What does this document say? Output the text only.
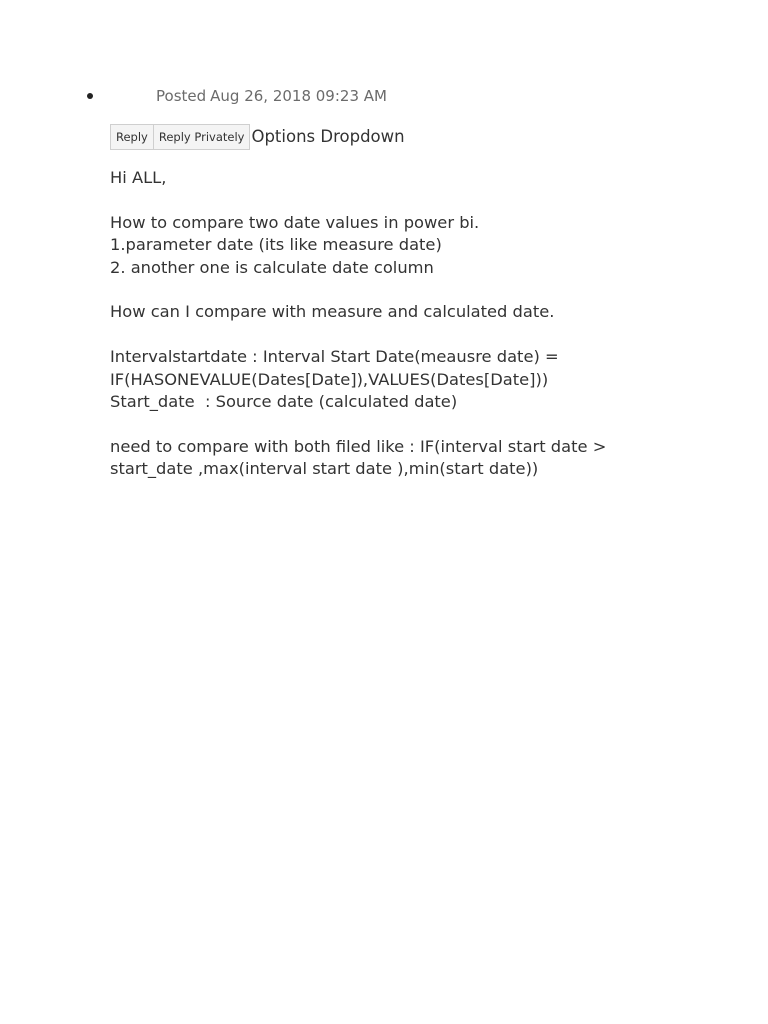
Posted Aug 26, 2018 09:23 AM
Reply Reply Privately Options Dropdown

Hi ALL,

How to compare two date values in power bi.

1.parameter date (its like measure date)

2. another one is calculate date column

How can I compare with measure and calculated date.

Intervalstartdate : Interval Start Date(meausre date) =

IF(HASONEVALUE(Dates[Date]),VALUES(Dates[Date]))

Start_date  : Source date (calculated date)

need to compare with both filed like : IF(interval start date >

start_date ,max(interval start date ),min(start date))
